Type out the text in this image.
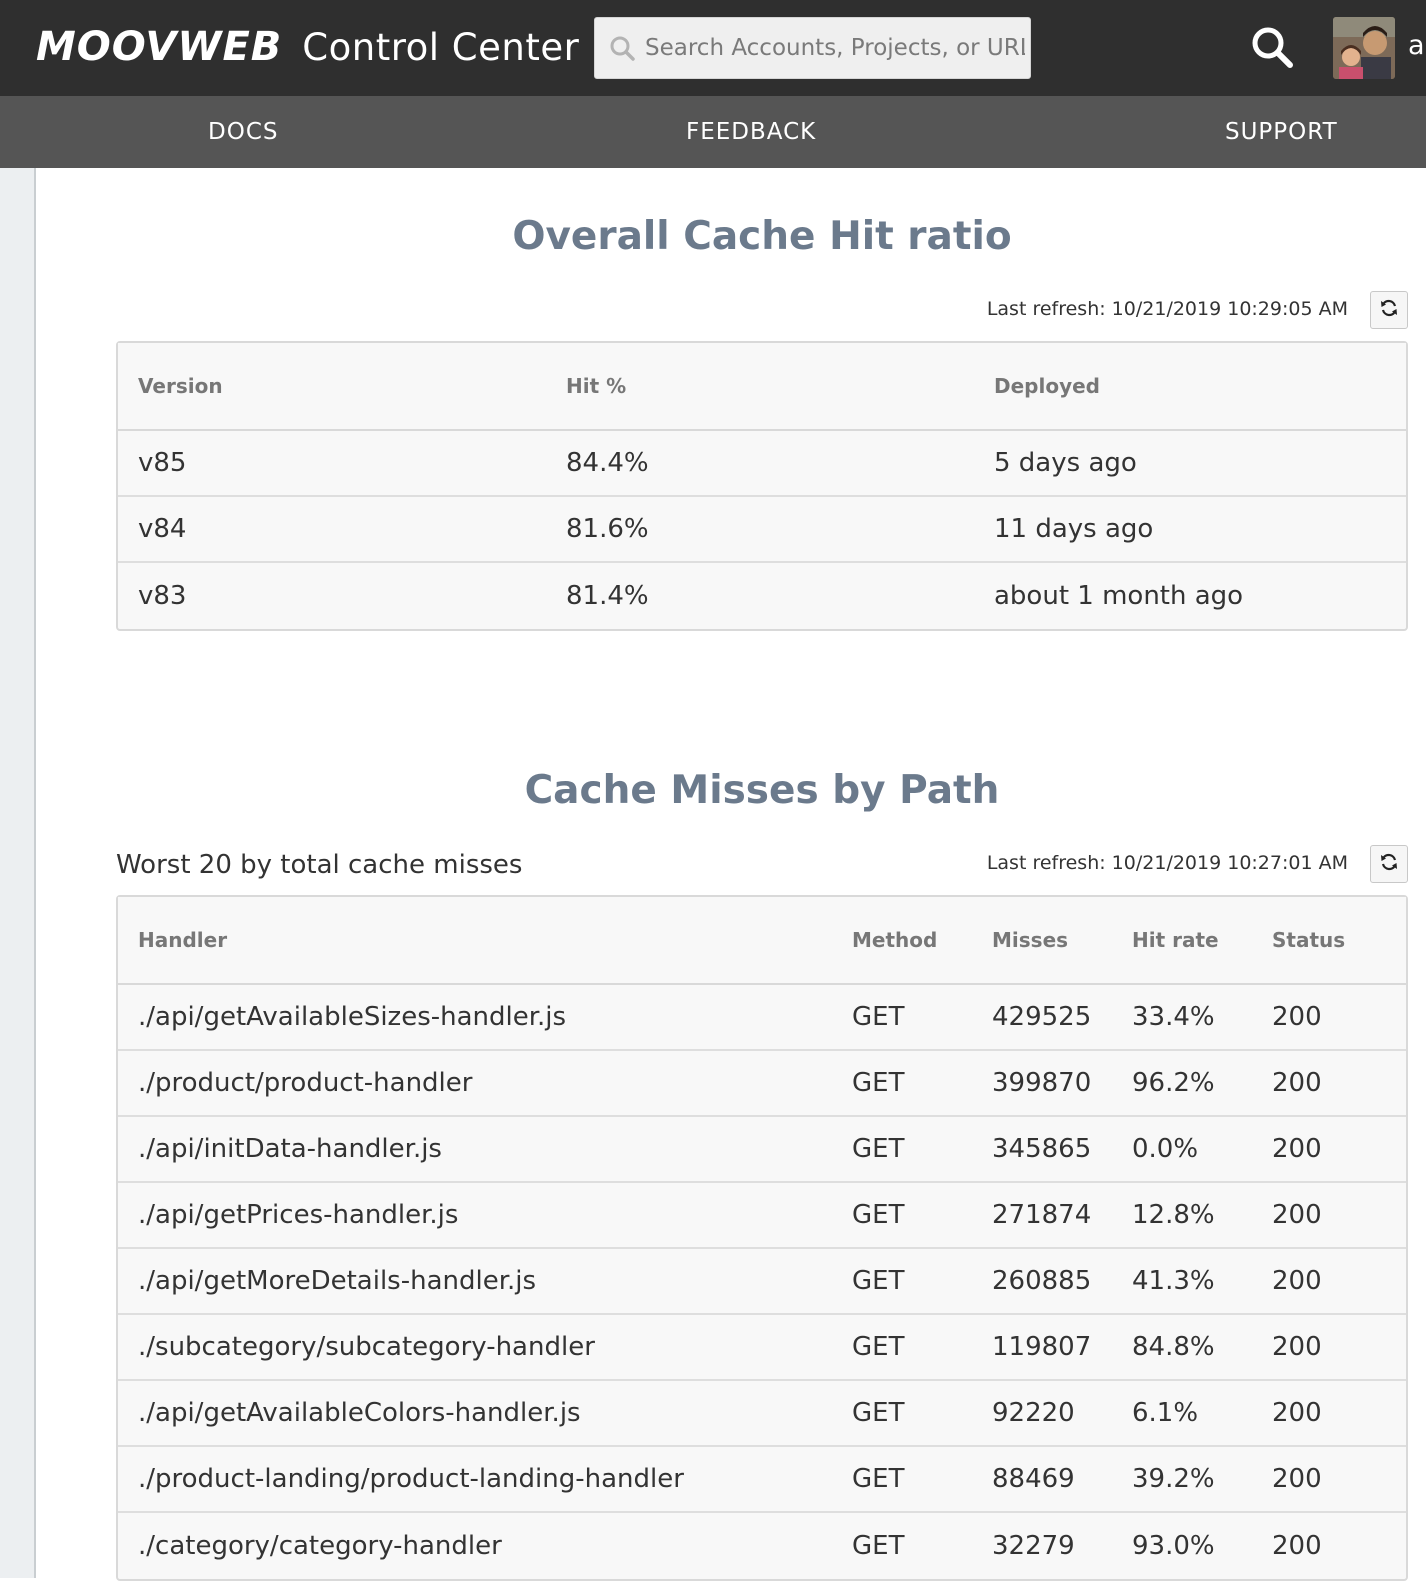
MOOVWEB Control Center
Search Accounts, Projects, or URLs	a
DOCS	FEEDBACK	SUPPORT
Overall Cache Hit ratio
Last refresh: 10/21/2019 10:29:05 AM
Version	Hit %	Deployed
v85	84.4%	5 days ago
v84	81.6%	11 days ago
v83	81.4%	about 1 month ago
Cache Misses by Path
Worst 20 by total cache misses	Last refresh: 10/21/2019 10:27:01 AM
Handler	Method	Misses	Hit rate	Status
./api/getAvailableSizes-handler.js	GET	429525	33.4%	200
./product/product-handler	GET	399870	96.2%	200
./api/initData-handler.js	GET	345865	0.0%	200
./api/getPrices-handler.js	GET	271874	12.8%	200
./api/getMoreDetails-handler.js	GET	260885	41.3%	200
./subcategory/subcategory-handler	GET	119807	84.8%	200
./api/getAvailableColors-handler.js	GET	92220	6.1%	200
./product-landing/product-landing-handler	GET	88469	39.2%	200
./category/category-handler	GET	32279	93.0%	200
